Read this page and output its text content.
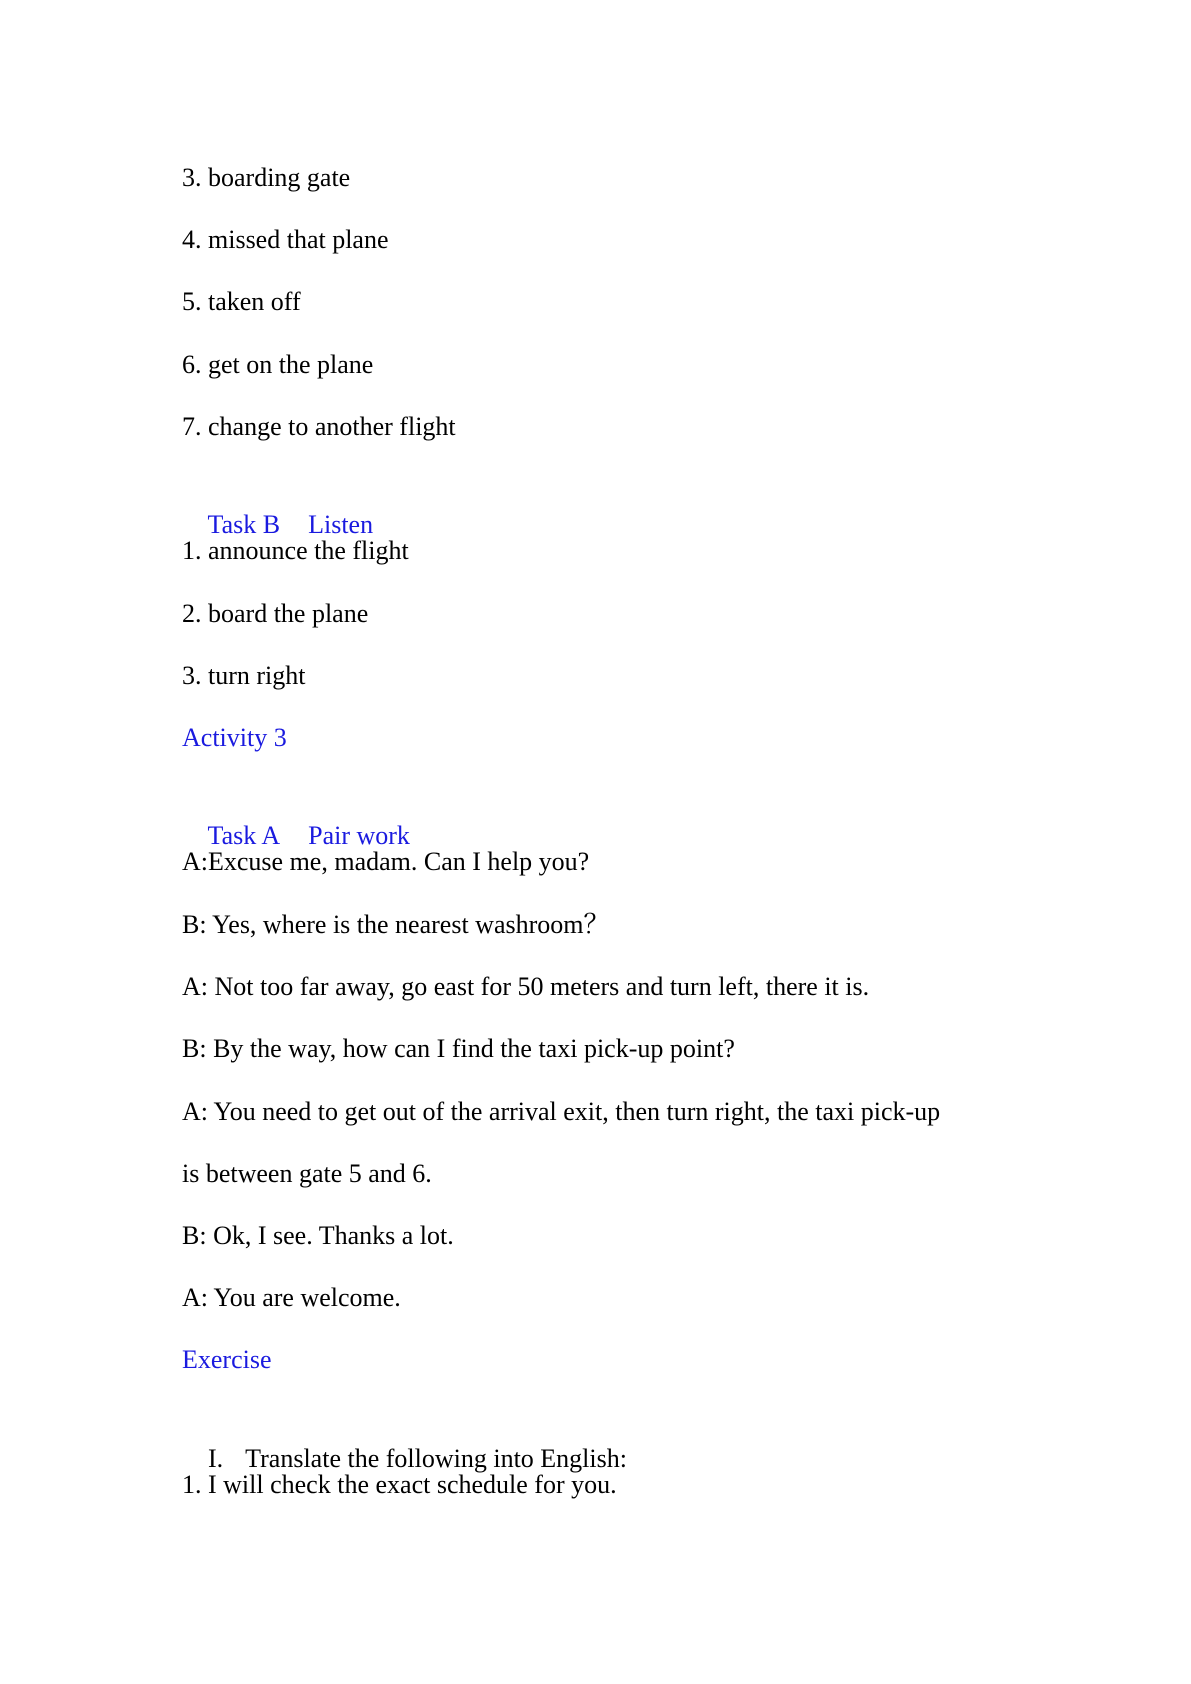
3. boarding gate
4. missed that plane
5. taken off
6. get on the plane
7. change to another flight

Task B Listen

1. announce the flight
2. board the plane
3. turn right
Activity 3

Task A Pair work

A:Excuse me, madam. Can I help you?
B: Yes, where is the nearest washroom？
A: Not too far away, go east for 50 meters and turn left, there it is.
B: By the way, how can I find the taxi pick-up point?
A: You need to get out of the arrival exit, then turn right, the taxi pick-up
is between gate 5 and 6.
B: Ok, I see. Thanks a lot.
A: You are welcome.
Exercise

I. Translate the following into English:

1. I will check the exact schedule for you.
